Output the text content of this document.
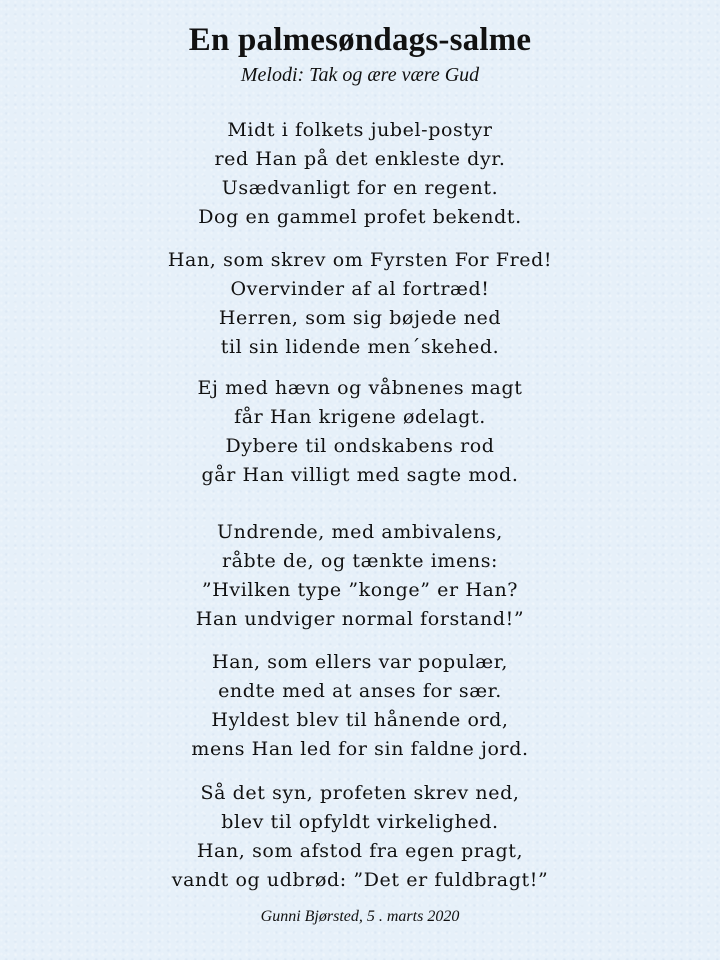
En palmesøndags-salme
Melodi: Tak og ære være Gud
Midt i folkets jubel-postyr
red Han på det enkleste dyr.
Usædvanligt for en regent.
Dog en gammel profet bekendt.
Han, som skrev om Fyrsten For Fred!
Overvinder af al fortræd!
Herren, som sig bøjede ned
til sin lidende men´skehed.
Ej med hævn og våbnenes magt
får Han krigene ødelagt.
Dybere til ondskabens rod
går Han villigt med sagte mod.
Undrende, med ambivalens,
råbte de, og tænkte imens:
”Hvilken type ”konge” er Han?
Han undviger normal forstand!”
Han, som ellers var populær,
endte med at anses for sær.
Hyldest blev til hånende ord,
mens Han led for sin faldne jord.
Så det syn, profeten skrev ned,
blev til opfyldt virkelighed.
Han, som afstod fra egen pragt,
vandt og udbrød: ”Det er fuldbragt!”
Gunni Bjørsted, 5 . marts 2020
